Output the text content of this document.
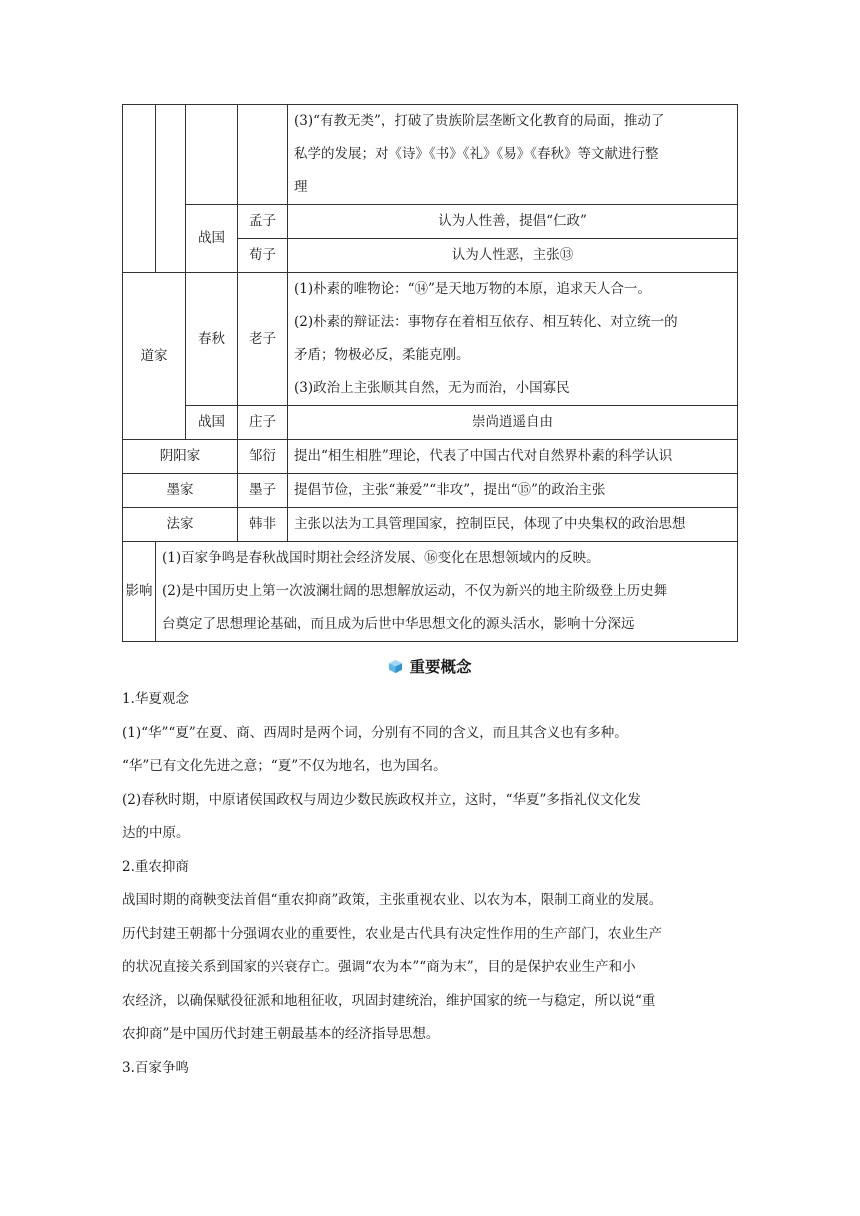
				(3)“有教无类”，打破了贵族阶层垄断文化教育的局面，推动了
私学的发展；对《诗》《书》《礼》《易》《春秋》等文献进行整
理

		战国	孟子	认为人性善，提倡“仁政”
			荀子	认为人性恶，主张⑬
道家		春秋	老子	(1)朴素的唯物论：“⑭”是天地万物的本原，追求天人合一。
(2)朴素的辩证法：事物存在着相互依存、相互转化、对立统一的
矛盾；物极必反，柔能克刚。
(3)政治上主张顺其自然，无为而治，小国寡民

		战国	庄子	崇尚逍遥自由

阴阳家			邹衍	提出“相生相胜”理论，代表了中国古代对自然界朴素的科学认识
墨家			墨子	提倡节俭，主张“兼爱”“非攻”，提出“⑮”的政治主张
法家			韩非	主张以法为工具管理国家，控制臣民，体现了中央集权的政治思想
影响	(1)百家争鸣是春秋战国时期社会经济发展、⑯变化在思想领域内的反映。
(2)是中国历史上第一次波澜壮阔的思想解放运动，不仅为新兴的地主阶级登上历史舞
台奠定了思想理论基础，而且成为后世中华思想文化的源头活水，影响十分深远			
重要概念

1.华夏观念

(1)“华”“夏”在夏、商、西周时是两个词，分别有不同的含义，而且其含义也有多种。

“华”已有文化先进之意；“夏”不仅为地名，也为国名。

(2)春秋时期，中原诸侯国政权与周边少数民族政权并立，这时，“华夏”多指礼仪文化发

达的中原。

2.重农抑商

战国时期的商鞅变法首倡“重农抑商”政策，主张重视农业、以农为本，限制工商业的发展。

历代封建王朝都十分强调农业的重要性，农业是古代具有决定性作用的生产部门，农业生产

的状况直接关系到国家的兴衰存亡。强调“农为本”“商为末”，目的是保护农业生产和小

农经济，以确保赋役征派和地租征收，巩固封建统治，维护国家的统一与稳定，所以说“重

农抑商”是中国历代封建王朝最基本的经济指导思想。

3.百家争鸣
